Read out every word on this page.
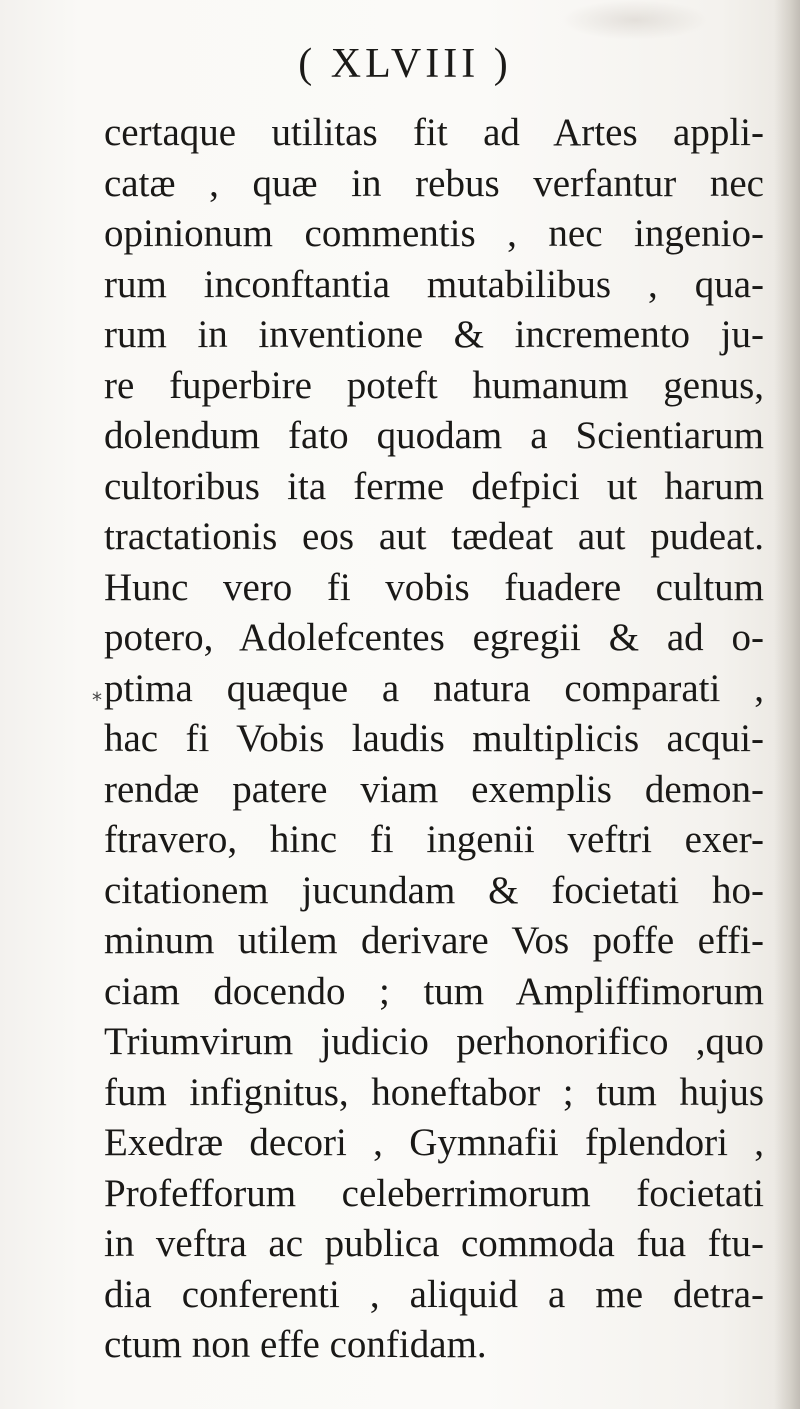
( XLVIII )
*
certaque utilitas fit ad Artes appli-
catæ , quæ in rebus verfantur nec
opinionum commentis , nec ingenio-
rum inconftantia mutabilibus , qua-
rum in inventione & incremento ju-
re fuperbire poteft humanum genus,
dolendum fato quodam a Scientiarum
cultoribus ita ferme defpici ut harum
tractationis eos aut tædeat aut pudeat.
Hunc vero fi vobis fuadere cultum
potero, Adolefcentes egregii & ad o-
ptima quæque a natura comparati ,
hac fi Vobis laudis multiplicis acqui-
rendæ patere viam exemplis demon-
ftravero, hinc fi ingenii veftri exer-
citationem jucundam & focietati ho-
minum utilem derivare Vos poffe effi-
ciam docendo ; tum Ampliffimorum
Triumvirum judicio perhonorifico ,quo
fum infignitus, honeftabor ; tum hujus
Exedræ decori , Gymnafii fplendori ,
Profefforum celeberrimorum focietati
in veftra ac publica commoda fua ftu-
dia conferenti , aliquid a me detra-
ctum non effe confidam.
